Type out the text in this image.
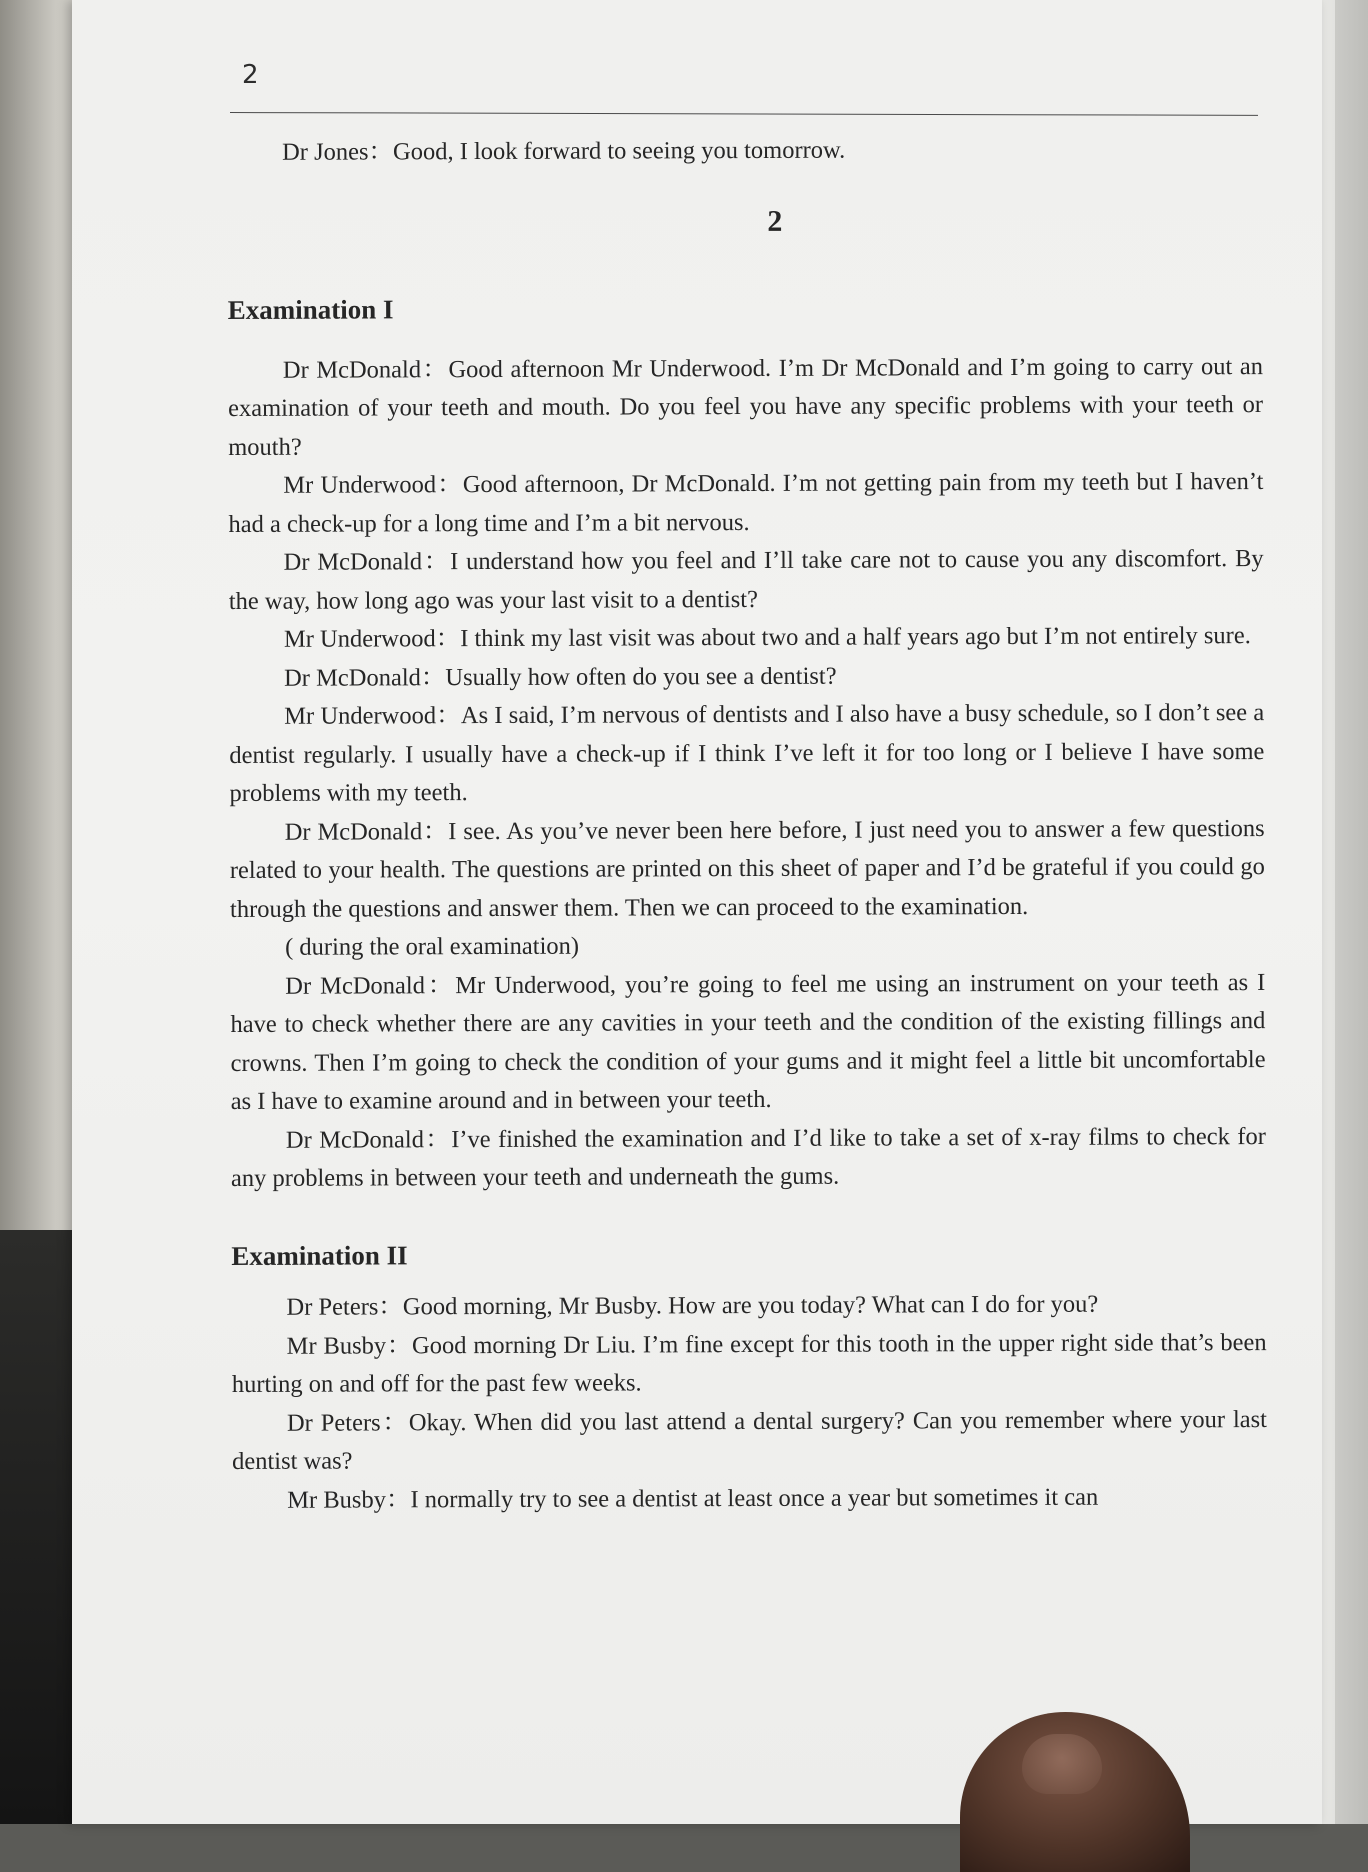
2

Dr Jones ： Good, I look forward to seeing you tomorrow.

2
Examination I

Dr McDonald ： Good afternoon Mr Underwood. I’m Dr McDonald and I’m going to carry out an examination of your teeth and mouth. Do you feel you have any specific problems with your teeth or mouth?

Mr Underwood ： Good afternoon, Dr McDonald. I’m not getting pain from my teeth but I haven’t had a check-up for a long time and I’m a bit nervous.

Dr McDonald ： I understand how you feel and I’ll take care not to cause you any discomfort. By the way, how long ago was your last visit to a dentist?

Mr Underwood ： I think my last visit was about two and a half years ago but I’m not entirely sure.

Dr McDonald ： Usually how often do you see a dentist?

Mr Underwood ： As I said, I’m nervous of dentists and I also have a busy schedule, so I don’t see a dentist regularly. I usually have a check-up if I think I’ve left it for too long or I believe I have some problems with my teeth.

Dr McDonald ： I see. As you’ve never been here before, I just need you to answer a few questions related to your health. The questions are printed on this sheet of paper and I’d be grateful if you could go through the questions and answer them. Then we can proceed to the examination.

( during the oral examination)

Dr McDonald ： Mr Underwood, you’re going to feel me using an instrument on your teeth as I have to check whether there are any cavities in your teeth and the condition of the existing fillings and crowns. Then I’m going to check the condition of your gums and it might feel a little bit uncomfortable as I have to examine around and in between your teeth.

Dr McDonald ： I’ve finished the examination and I’d like to take a set of x-ray films to check for any problems in between your teeth and underneath the gums.

Examination II

Dr Peters ： Good morning, Mr Busby. How are you today? What can I do for you?

Mr Busby ： Good morning Dr Liu. I’m fine except for this tooth in the upper right side that’s been hurting on and off for the past few weeks.

Dr Peters ： Okay. When did you last attend a dental surgery? Can you remember where your last dentist was?

Mr Busby ： I normally try to see a dentist at least once a year but sometimes it can
